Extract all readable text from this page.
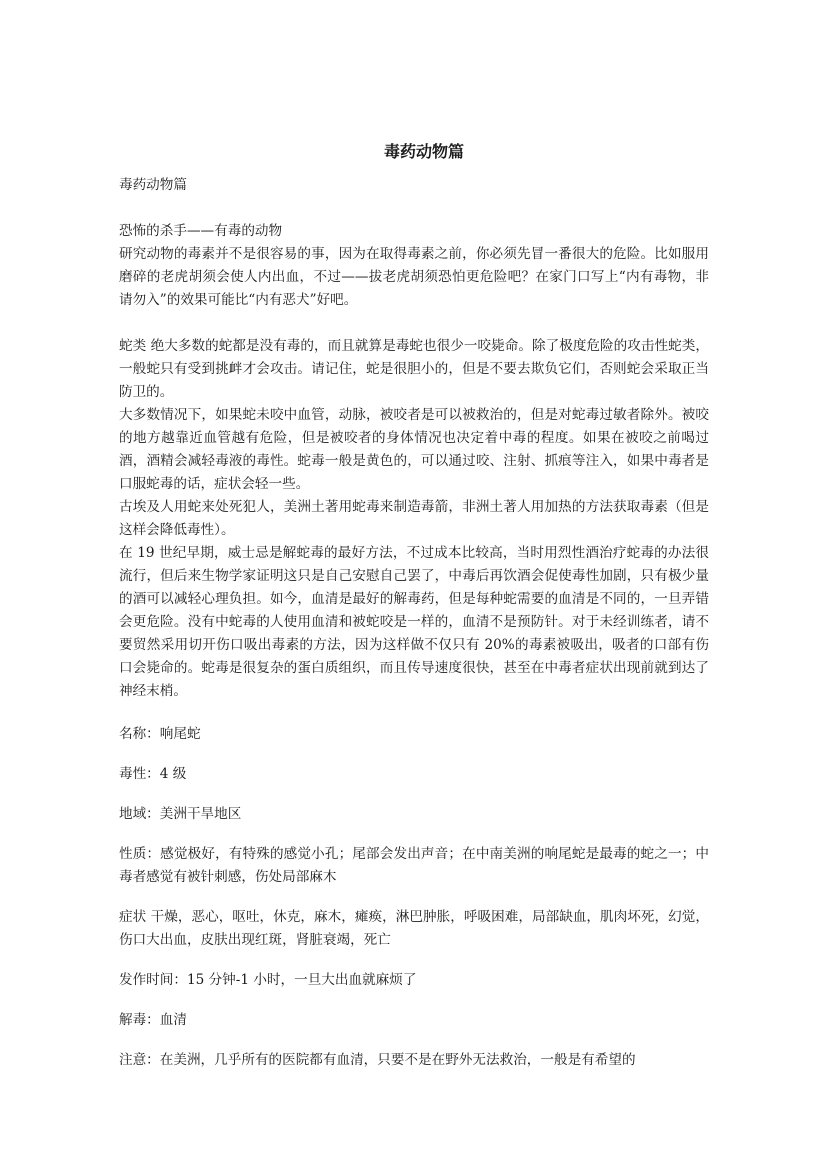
毒药动物篇

毒药动物篇

恐怖的杀手——有毒的动物

研究动物的毒素并不是很容易的事，因为在取得毒素之前，你必须先冒一番很大的危险。比如服用磨碎的老虎胡须会使人内出血，不过——拔老虎胡须恐怕更危险吧？在家门口写上“内有毒物，非请勿入”的效果可能比“内有恶犬”好吧。

蛇类 绝大多数的蛇都是没有毒的，而且就算是毒蛇也很少一咬毙命。除了极度危险的攻击性蛇类，一般蛇只有受到挑衅才会攻击。请记住，蛇是很胆小的，但是不要去欺负它们，否则蛇会采取正当防卫的。

大多数情况下，如果蛇未咬中血管，动脉，被咬者是可以被救治的，但是对蛇毒过敏者除外。被咬的地方越靠近血管越有危险，但是被咬者的身体情况也决定着中毒的程度。如果在被咬之前喝过酒，酒精会减轻毒液的毒性。蛇毒一般是黄色的，可以通过咬、注射、抓痕等注入，如果中毒者是口服蛇毒的话，症状会轻一些。

古埃及人用蛇来处死犯人，美洲土著用蛇毒来制造毒箭，非洲土著人用加热的方法获取毒素（但是这样会降低毒性）。

在 19 世纪早期，威士忌是解蛇毒的最好方法，不过成本比较高，当时用烈性酒治疗蛇毒的办法很流行，但后来生物学家证明这只是自己安慰自己罢了，中毒后再饮酒会促使毒性加剧，只有极少量的酒可以减轻心理负担。如今，血清是最好的解毒药，但是每种蛇需要的血清是不同的，一旦弄错会更危险。没有中蛇毒的人使用血清和被蛇咬是一样的，血清不是预防针。对于未经训练者，请不要贸然采用切开伤口吸出毒素的方法，因为这样做不仅只有 20%的毒素被吸出，吸者的口部有伤口会毙命的。蛇毒是很复杂的蛋白质组织，而且传导速度很快，甚至在中毒者症状出现前就到达了神经末梢。

名称：响尾蛇

毒性：4 级

地域：美洲干旱地区

性质：感觉极好，有特殊的感觉小孔；尾部会发出声音；在中南美洲的响尾蛇是最毒的蛇之一；中毒者感觉有被针刺感，伤处局部麻木

症状 干燥，恶心，呕吐，休克，麻木，瘫痪，淋巴肿胀，呼吸困难，局部缺血，肌肉坏死，幻觉，伤口大出血，皮肤出现红斑，肾脏衰竭，死亡

发作时间：15 分钟-1 小时，一旦大出血就麻烦了

解毒：血清

注意：在美洲，几乎所有的医院都有血清，只要不是在野外无法救治，一般是有希望的
